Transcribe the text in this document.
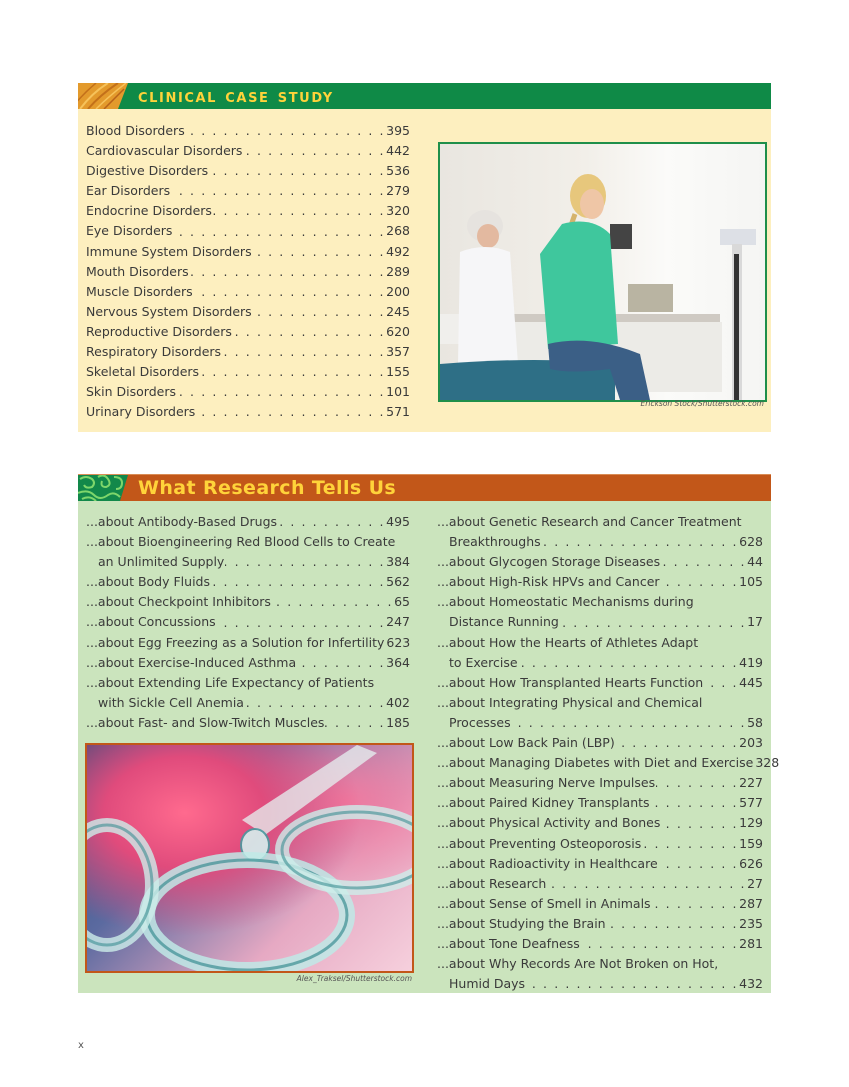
clinical case study
Blood Disorders . . .	395
Cardiovascular Disorders . . .	442
Digestive Disorders . . .	536
Ear Disorders . . .	279
Endocrine Disorders . . .	320
Eye Disorders . . .	268
Immune System Disorders . . .	492
Mouth Disorders . . .	289
Muscle Disorders . . .	200
Nervous System Disorders . . .	245
Reproductive Disorders . . .	620
Respiratory Disorders . . .	357
Skeletal Disorders . . .	155
Skin Disorders . . .	101
Urinary Disorders . . .	571
Erickson Stock/Shutterstock.com
What Research Tells Us
...about Antibody-Based Drugs . . .	495
...about Bioengineering Red Blood Cells to Create
an Unlimited Supply . . .	384
...about Body Fluids . . .	562
...about Checkpoint Inhibitors . . .	65
...about Concussions . . .	247
...about Egg Freezing as a Solution for Infertility 623
...about Exercise-Induced Asthma . . .	364
...about Extending Life Expectancy of Patients
with Sickle Cell Anemia . . .	402
...about Fast- and Slow-Twitch Muscles . . .	185
Alex_Traksel/Shutterstock.com
...about Genetic Research and Cancer Treatment
Breakthroughs . . .	628
...about Glycogen Storage Diseases . . .	44
...about High-Risk HPVs and Cancer . . .	105
...about Homeostatic Mechanisms during
Distance Running . . .	17
...about How the Hearts of Athletes Adapt
to Exercise . . .	419
...about How Transplanted Hearts Function . . .	445
...about Integrating Physical and Chemical
Processes . . .	58
...about Low Back Pain (LBP) . . .	203
...about Managing Diabetes with Diet and Exercise 328
...about Measuring Nerve Impulses . . .	227
...about Paired Kidney Transplants . . .	577
...about Physical Activity and Bones . . .	129
...about Preventing Osteoporosis . . .	159
...about Radioactivity in Healthcare . . .	626
...about Research . . .	27
...about Sense of Smell in Animals . . .	287
...about Studying the Brain . . .	235
...about Tone Deafness . . .	281
...about Why Records Are Not Broken on Hot,
Humid Days . . .	432
x
